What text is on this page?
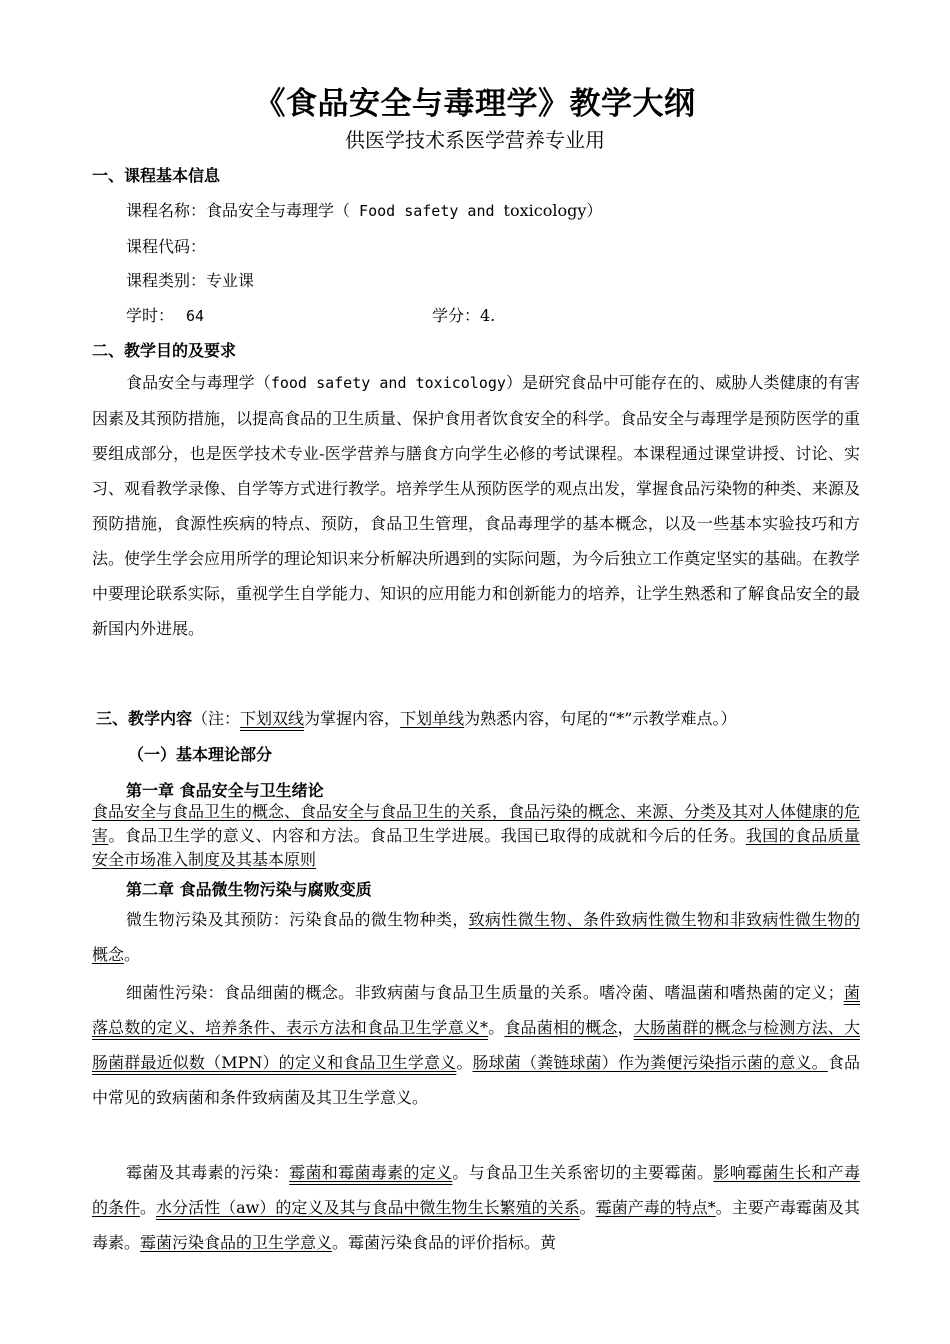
《食品安全与毒理学》教学大纲
供医学技术系医学营养专业用
一、课程基本信息
课程名称：食品安全与毒理学（ Food safety and toxicology）
课程代码：
课程类别：专业课
学时： 64	学分：4.
二、教学目的及要求

食品安全与毒理学（food safety and toxicology）是研究食品中可能存在的、威胁人类健康的有害因素及其预防措施，以提高食品的卫生质量、保护食用者饮食安全的科学。食品安全与毒理学是预防医学的重要组成部分，也是医学技术专业-医学营养与膳食方向学生必修的考试课程。本课程通过课堂讲授、讨论、实习、观看教学录像、自学等方式进行教学。培养学生从预防医学的观点出发，掌握食品污染物的种类、来源及预防措施，食源性疾病的特点、预防，食品卫生管理，食品毒理学的基本概念，以及一些基本实验技巧和方法。使学生学会应用所学的理论知识来分析解决所遇到的实际问题，为今后独立工作奠定坚实的基础。在教学中要理论联系实际，重视学生自学能力、知识的应用能力和创新能力的培养，让学生熟悉和了解食品安全的最新国内外进展。

三、教学内容（注：下划双线为掌握内容，下划单线为熟悉内容，句尾的“*”示教学难点。）
（一）基本理论部分
第一章 食品安全与卫生绪论

食品安全与食品卫生的概念、食品安全与食品卫生的关系，食品污染的概念、来源、分类及其对人体健康的危害。食品卫生学的意义、内容和方法。食品卫生学进展。我国已取得的成就和今后的任务。我国的食品质量安全市场准入制度及其基本原则

第二章 食品微生物污染与腐败变质

微生物污染及其预防：污染食品的微生物种类，致病性微生物、条件致病性微生物和非致病性微生物的概念。

细菌性污染：食品细菌的概念。非致病菌与食品卫生质量的关系。嗜冷菌、嗜温菌和嗜热菌的定义；菌落总数的定义、培养条件、表示方法和食品卫生学意义*。食品菌相的概念，大肠菌群的概念与检测方法、大肠菌群最近似数（MPN）的定义和食品卫生学意义。肠球菌（粪链球菌）作为粪便污染指示菌的意义。食品中常见的致病菌和条件致病菌及其卫生学意义。

霉菌及其毒素的污染：霉菌和霉菌毒素的定义。与食品卫生关系密切的主要霉菌。影响霉菌生长和产毒的条件。水分活性（aw）的定义及其与食品中微生物生长繁殖的关系。霉菌产毒的特点*。主要产毒霉菌及其毒素。霉菌污染食品的卫生学意义。霉菌污染食品的评价指标。黄
